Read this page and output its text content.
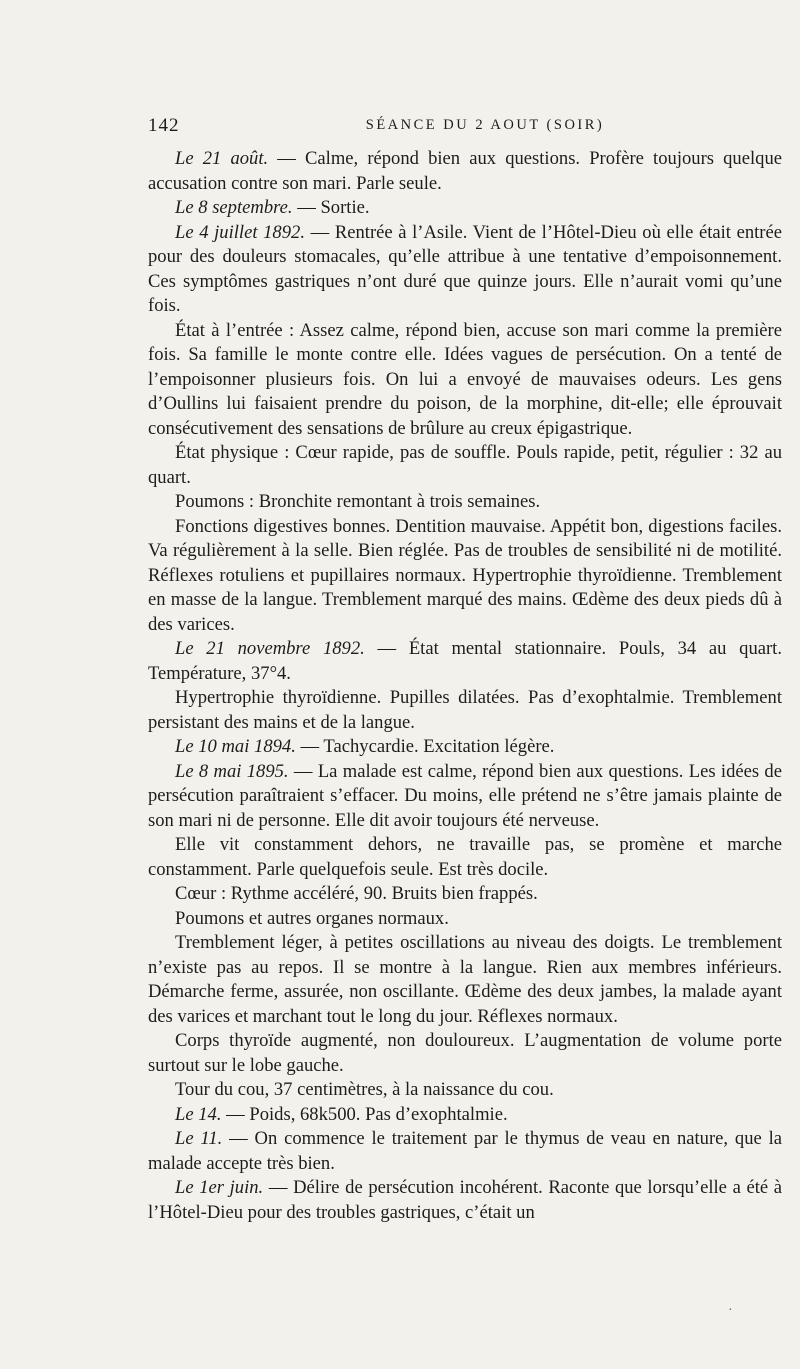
142	SÉANCE DU 2 AOUT (SOIR)

Le 21 août. — Calme, répond bien aux questions. Profère toujours quelque accusation contre son mari. Parle seule.

Le 8 septembre. — Sortie.

Le 4 juillet 1892. — Rentrée à l’Asile. Vient de l’Hôtel-Dieu où elle était entrée pour des douleurs stomacales, qu’elle attribue à une tentative d’empoisonnement. Ces symptômes gastriques n’ont duré que quinze jours. Elle n’aurait vomi qu’une fois.

État à l’entrée : Assez calme, répond bien, accuse son mari comme la première fois. Sa famille le monte contre elle. Idées vagues de persécution. On a tenté de l’empoisonner plusieurs fois. On lui a envoyé de mauvaises odeurs. Les gens d’Oullins lui faisaient prendre du poison, de la morphine, dit-elle; elle éprouvait consécutivement des sensations de brûlure au creux épigastrique.

État physique : Cœur rapide, pas de souffle. Pouls rapide, petit, régulier : 32 au quart.

Poumons : Bronchite remontant à trois semaines.

Fonctions digestives bonnes. Dentition mauvaise. Appétit bon, digestions faciles. Va régulièrement à la selle. Bien réglée. Pas de troubles de sensibilité ni de motilité. Réflexes rotuliens et pupillaires normaux. Hypertrophie thyroïdienne. Tremblement en masse de la langue. Tremblement marqué des mains. Œdème des deux pieds dû à des varices.

Le 21 novembre 1892. — État mental stationnaire. Pouls, 34 au quart. Température, 37°4.

Hypertrophie thyroïdienne. Pupilles dilatées. Pas d’exophtalmie. Tremblement persistant des mains et de la langue.

Le 10 mai 1894. — Tachycardie. Excitation légère.

Le 8 mai 1895. — La malade est calme, répond bien aux questions. Les idées de persécution paraîtraient s’effacer. Du moins, elle prétend ne s’être jamais plainte de son mari ni de personne. Elle dit avoir toujours été nerveuse.

Elle vit constamment dehors, ne travaille pas, se promène et marche constamment. Parle quelquefois seule. Est très docile.

Cœur : Rythme accéléré, 90. Bruits bien frappés.

Poumons et autres organes normaux.

Tremblement léger, à petites oscillations au niveau des doigts. Le tremblement n’existe pas au repos. Il se montre à la langue. Rien aux membres inférieurs. Démarche ferme, assurée, non oscillante. Œdème des deux jambes, la malade ayant des varices et marchant tout le long du jour. Réflexes normaux.

Corps thyroïde augmenté, non douloureux. L’augmentation de volume porte surtout sur le lobe gauche.

Tour du cou, 37 centimètres, à la naissance du cou.

Le 14. — Poids, 68k500. Pas d’exophtalmie.

Le 11. — On commence le traitement par le thymus de veau en nature, que la malade accepte très bien.

Le 1er juin. — Délire de persécution incohérent. Raconte que lorsqu’elle a été à l’Hôtel-Dieu pour des troubles gastriques, c’était un

·
